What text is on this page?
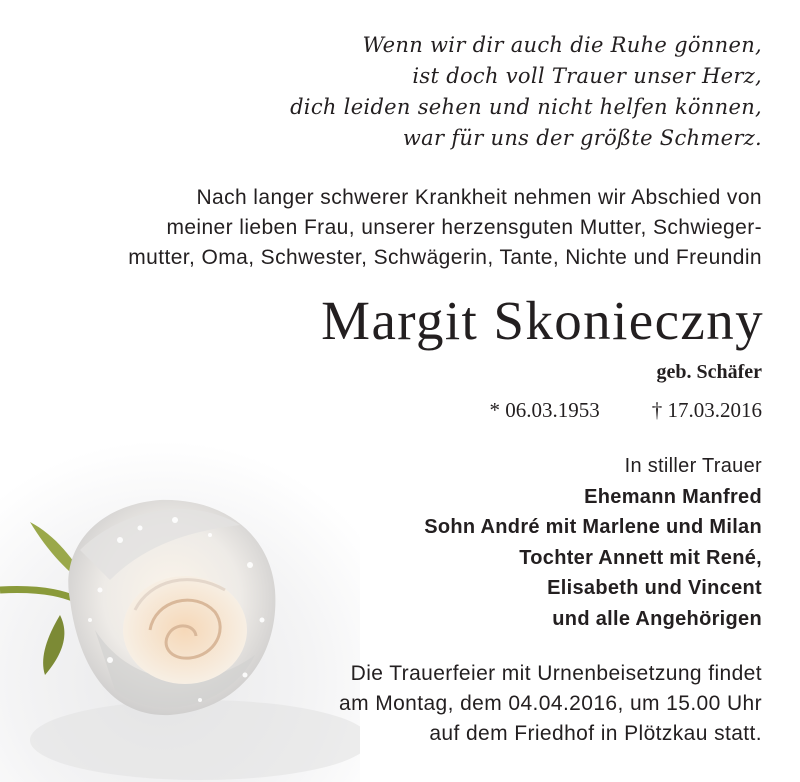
Wenn wir dir auch die Ruhe gönnen,
ist doch voll Trauer unser Herz,
dich leiden sehen und nicht helfen können,
war für uns der größte Schmerz.
Nach langer schwerer Krankheit nehmen wir Abschied von
meiner lieben Frau, unserer herzensguten Mutter, Schwieger-
mutter, Oma, Schwester, Schwägerin, Tante, Nichte und Freundin
Margit Skonieczny
geb. Schäfer
* 06.03.1953 † 17.03.2016
In stiller Trauer
Ehemann Manfred
Sohn André mit Marlene und Milan
Tochter Annett mit René,
Elisabeth und Vincent
und alle Angehörigen
Die Trauerfeier mit Urnenbeisetzung findet
am Montag, dem 04.04.2016, um 15.00 Uhr
auf dem Friedhof in Plötzkau statt.
